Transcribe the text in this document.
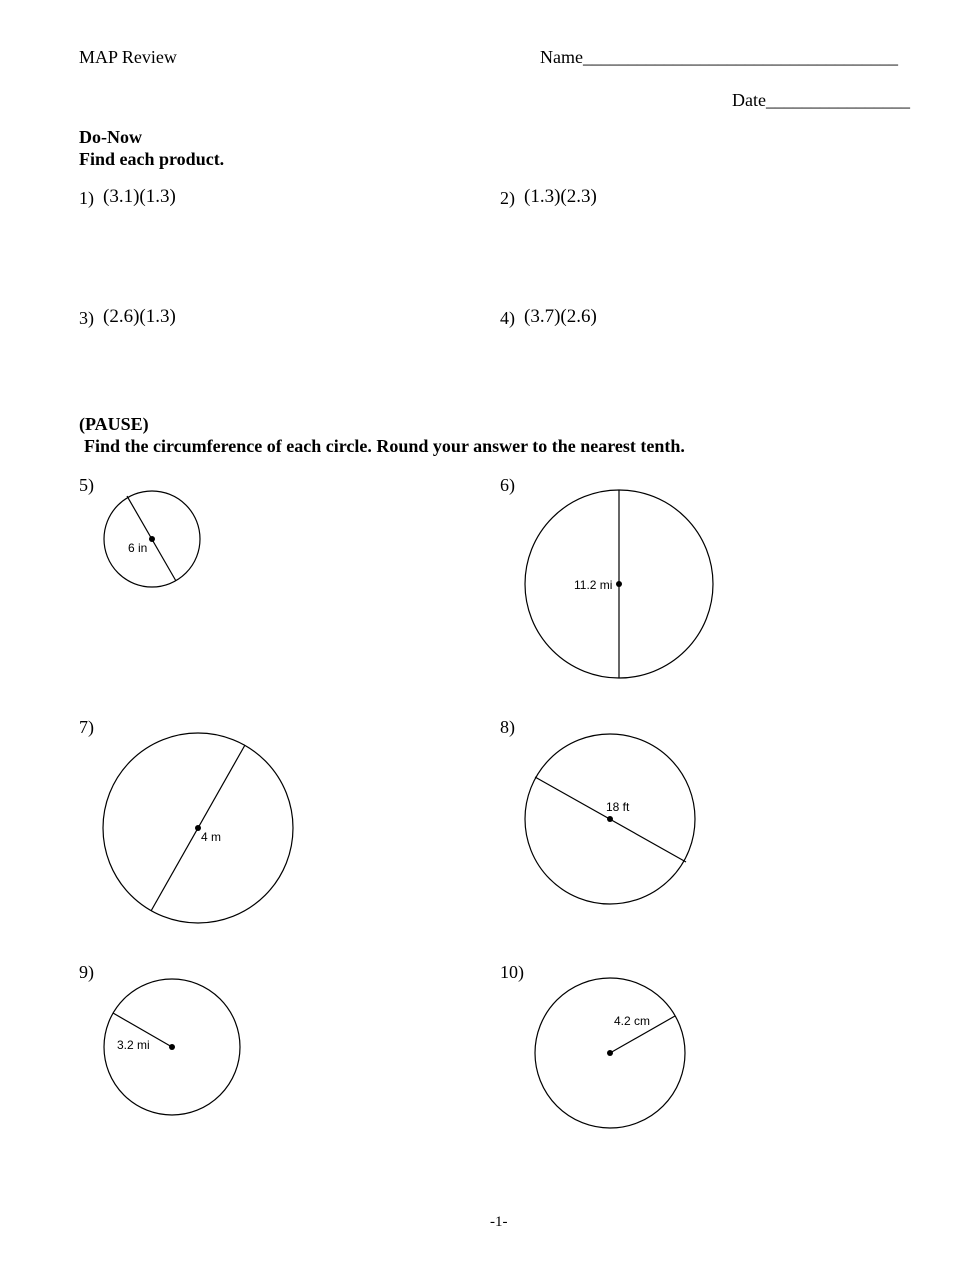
MAP Review	Name___________________________________
Date________________
Do-Now
Find each product.
1) (3.1)(1.3)	2) (1.3)(2.3)
3) (2.6)(1.3)	4) (3.7)(2.6)
(PAUSE)
Find the circumference of each circle. Round your answer to the nearest tenth.
5)	6)
7)	8)
9)	10)
6 in
11.2 mi
4 m
18 ft
3.2 mi
4.2 cm
-1-
